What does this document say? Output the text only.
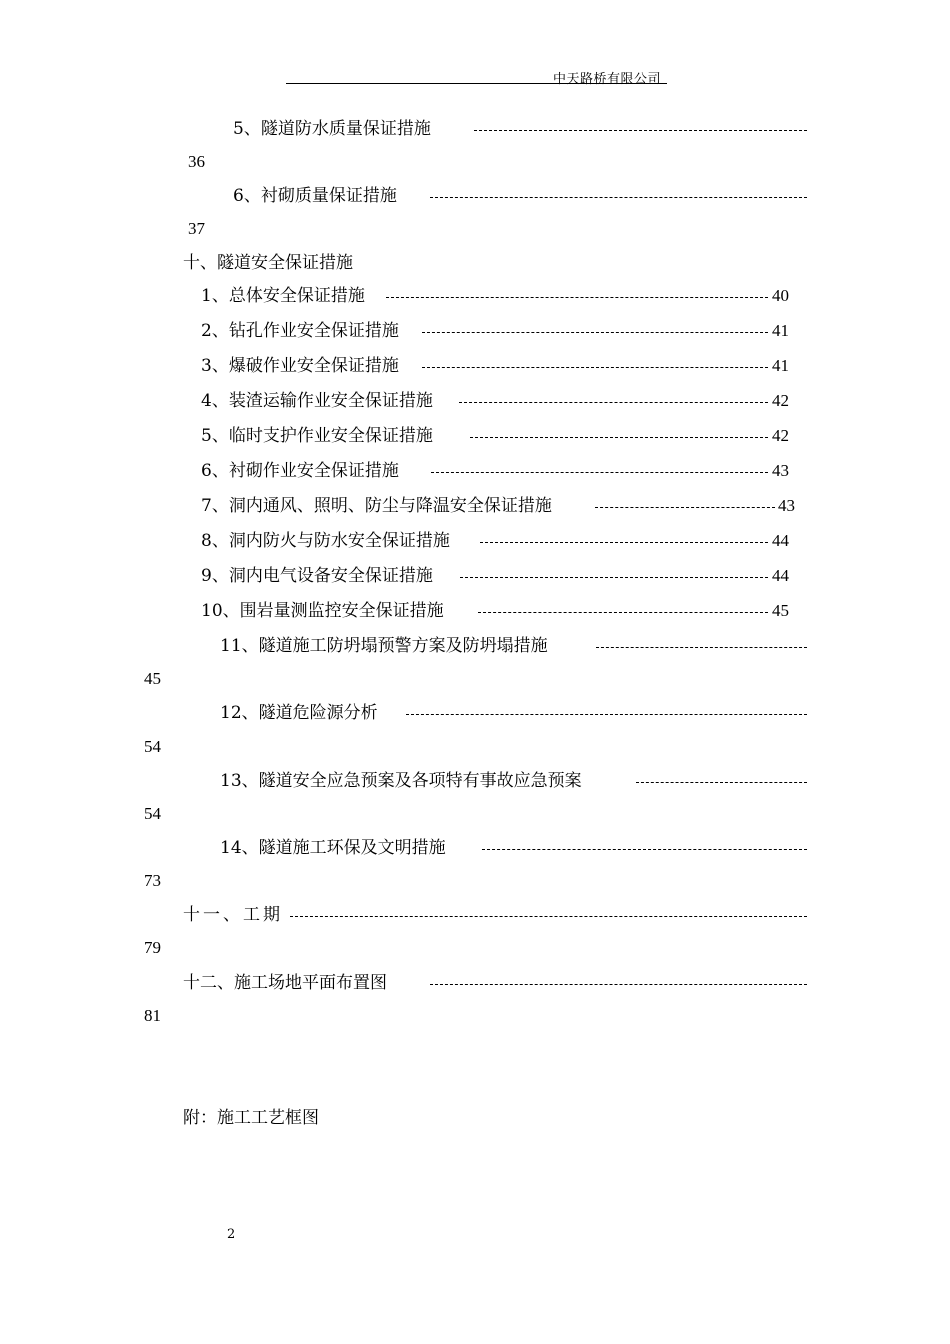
中天路桥有限公司
5、隧道防水质量保证措施
36
6、衬砌质量保证措施
37
十、隧道安全保证措施
1、总体安全保证措施	40
2、钻孔作业安全保证措施	41
3、爆破作业安全保证措施	41
4、装渣运输作业安全保证措施	42
5、临时支护作业安全保证措施	42
6、衬砌作业安全保证措施	43
7、洞内通风、照明、防尘与降温安全保证措施	43
8、洞内防火与防水安全保证措施	44
9、洞内电气设备安全保证措施	44
10、围岩量测监控安全保证措施	45
11、隧道施工防坍塌预警方案及防坍塌措施
45
12、隧道危险源分析
54
13、隧道安全应急预案及各项特有事故应急预案
54
14、隧道施工环保及文明措施
73
十一、工期
79
十二、施工场地平面布置图
81
附：施工工艺框图
2
